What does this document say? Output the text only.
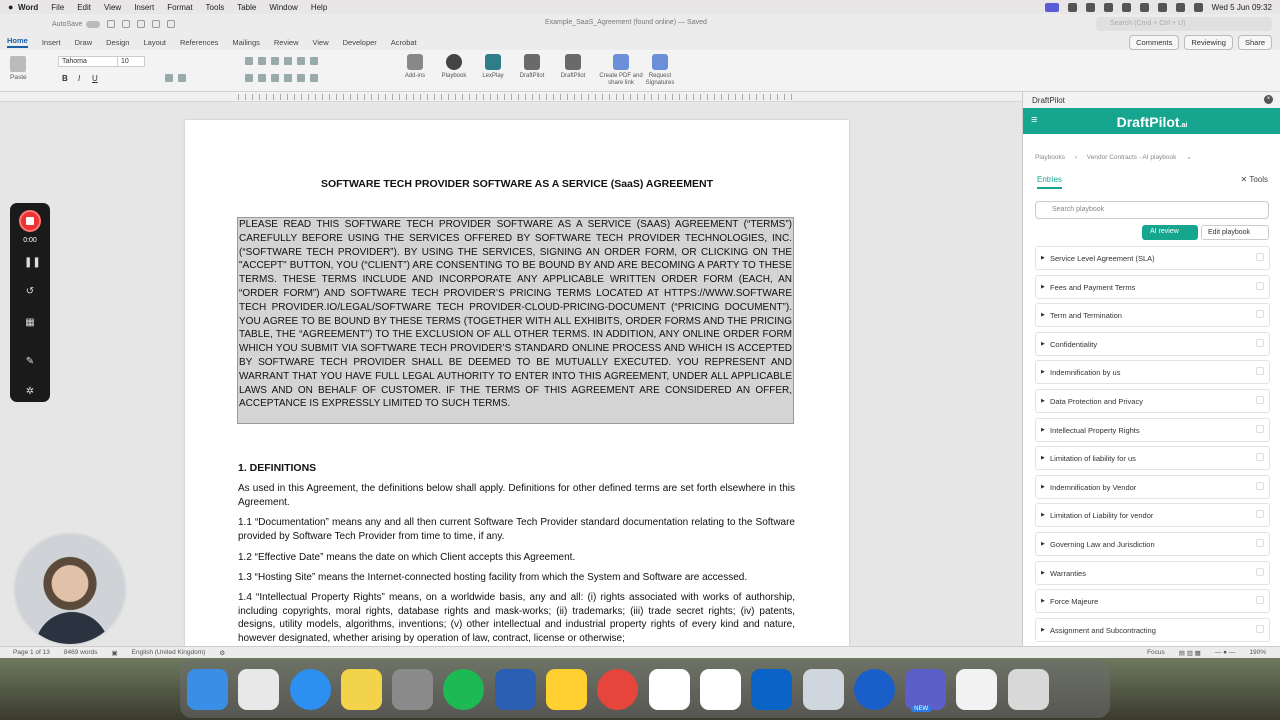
● Word File Edit View Insert Format Tools Table Window Help	Wed 5 Jun 09:32
AutoSave	Example_SaaS_Agreement (found online) — Saved	Search (Cmd + Ctrl + U)
Home Insert Draw Design Layout References Mailings Review View Developer Acrobat	Comments	Reviewing	Share
Paste
Tahoma	10
B I U	Add-ins	Playbook	LexPlay	DraftPilot	DraftPilot	Create PDF and share link
Request Signatures
SOFTWARE TECH PROVIDER SOFTWARE AS A SERVICE (SaaS) AGREEMENT
PLEASE READ THIS SOFTWARE TECH PROVIDER SOFTWARE AS A SERVICE (SAAS) AGREEMENT (“TERMS”) CAREFULLY BEFORE USING THE SERVICES OFFERED BY SOFTWARE TECH PROVIDER TECHNOLOGIES, INC. (“SOFTWARE TECH PROVIDER”). BY USING THE SERVICES, SIGNING AN ORDER FORM, OR CLICKING ON THE "ACCEPT" BUTTON, YOU (“CLIENT”) ARE CONSENTING TO BE BOUND BY AND ARE BECOMING A PARTY TO THESE TERMS. THESE TERMS INCLUDE AND INCORPORATE ANY APPLICABLE WRITTEN ORDER FORM (EACH, AN “ORDER FORM”) AND SOFTWARE TECH PROVIDER’S PRICING TERMS LOCATED AT HTTPS://WWW.SOFTWARE TECH PROVIDER.IO/LEGAL/SOFTWARE TECH PROVIDER-CLOUD-PRICING-DOCUMENT (“PRICING DOCUMENT”). YOU AGREE TO BE BOUND BY THESE TERMS (TOGETHER WITH ALL EXHIBITS, ORDER FORMS AND THE PRICING TABLE, THE “AGREEMENT”) TO THE EXCLUSION OF ALL OTHER TERMS. IN ADDITION, ANY ONLINE ORDER FORM WHICH YOU SUBMIT VIA SOFTWARE TECH PROVIDER’S STANDARD ONLINE PROCESS AND WHICH IS ACCEPTED BY SOFTWARE TECH PROVIDER SHALL BE DEEMED TO BE MUTUALLY EXECUTED. YOU REPRESENT AND WARRANT THAT YOU HAVE FULL LEGAL AUTHORITY TO ENTER INTO THIS AGREEMENT, UNDER ALL APPLICABLE LAWS AND ON BEHALF OF CUSTOMER. IF THE TERMS OF THIS AGREEMENT ARE CONSIDERED AN OFFER, ACCEPTANCE IS EXPRESSLY LIMITED TO SUCH TERMS.
1. DEFINITIONS
As used in this Agreement, the definitions below shall apply. Definitions for other defined terms are set forth elsewhere in this Agreement.
1.1 “Documentation” means any and all then current Software Tech Provider standard documentation relating to the Software provided by Software Tech Provider from time to time, if any.
1.2 “Effective Date” means the date on which Client accepts this Agreement.
1.3 “Hosting Site” means the Internet-connected hosting facility from which the System and Software are accessed.
1.4 “Intellectual Property Rights” means, on a worldwide basis, any and all: (i) rights associated with works of authorship, including copyrights, moral rights, database rights and mask-works; (ii) trademarks; (iii) trade secret rights; (iv) patents, designs, utility models, algorithms, inventions; (v) other intellectual and industrial property rights of every kind and nature, however designated, whether arising by operation of law, contract, license or otherwise;
0:00
❚❚
↺
▦
✎
✲
DraftPilot	×
≡	DraftPilot.ai
Playbooks › Vendor Contracts - AI playbook ⌄
Entries	✕ Tools
Search playbook
AI review	Edit playbook
▶ Service Level Agreement (SLA)
▶ Fees and Payment Terms
▶ Term and Termination
▶ Confidentiality
▶ Indemnification by us
▶ Data Protection and Privacy
▶ Intellectual Property Rights
▶ Limitation of liability for us
▶ Indemnification by Vendor
▶ Limitation of Liability for vendor
▶ Governing Law and Jurisdiction
▶ Warranties
▶ Force Majeure
▶ Assignment and Subcontracting
Page 1 of 13 8469 words ▣ English (United Kingdom) ⚙	Focus ▤ ▥ ▦ — ● — 190%
NEW
